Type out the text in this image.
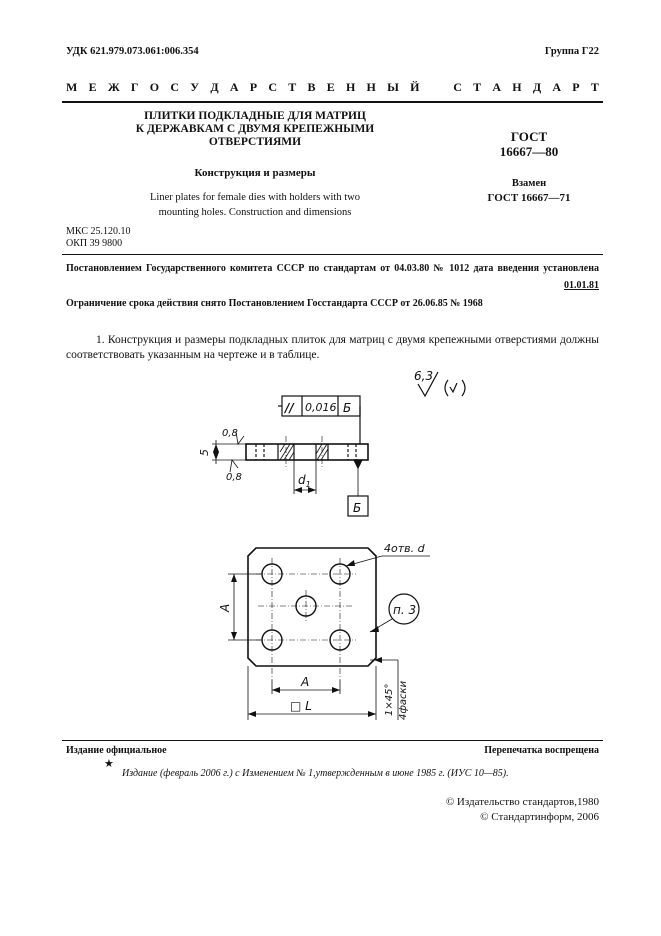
УДК 621.979.073.061:006.354	Группа Г22
М Е Ж Г О С У Д А Р С Т В Е Н Н Ы Й	С Т А Н Д А Р Т
ПЛИТКИ ПОДКЛАДНЫЕ ДЛЯ МАТРИЦ
К ДЕРЖАВКАМ С ДВУМЯ КРЕПЕЖНЫМИ
ОТВЕРСТИЯМИ
Конструкция и размеры
Liner plates for female dies with holders with two
mounting holes. Construction and dimensions
ГОСТ
16667—80
Взамен
ГОСТ 16667—71
МКС 25.120.10
ОКП 39 9800
Постановлением Государственного комитета СССР по стандартам от 04.03.80 № 1012 дата введения установлена
01.01.81
Ограничение срока действия снято Постановлением Госстандарта СССР от 26.06.85 № 1968
1. Конструкция и размеры подкладных плиток для матриц с двумя крепежными отверстиями должны соответствовать указанным на чертеже и в таблице.
6,3
// 0,016 Б
Б
5
0,8
0,8	$d_1$
4отв. d
п. 3
A
A
□ L	1×45° 4фаски
Издание официальное	Перепечатка воспрещена
★
Издание (февраль 2006 г.) с Изменением № 1,утвержденным в июне 1985 г. (ИУС 10—85).
© Издательство стандартов,1980
© Стандартинформ, 2006
